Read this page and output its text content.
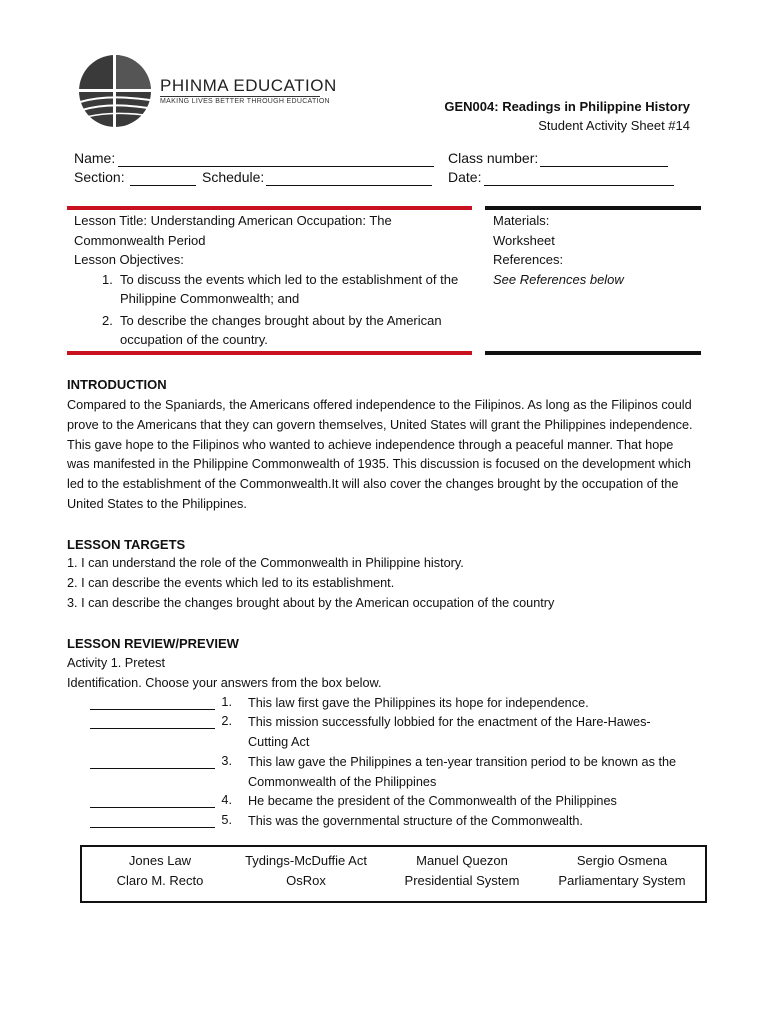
PHINMA EDUCATION
MAKING LIVES BETTER THROUGH EDUCATION	GEN004: Readings in Philippine History
Student Activity Sheet #14
Name:	Class number:
Section:	Schedule:	Date:
Lesson Title: Understanding American Occupation: The
Commonwealth Period
Lesson Objectives:
1. To discuss the events which led to the establishment of the
Philippine Commonwealth; and
2. To describe the changes brought about by the American
occupation of the country.
Materials:
Worksheet
References:
See References below
INTRODUCTION
Compared to the Spaniards, the Americans offered independence to the Filipinos. As long as the Filipinos could
prove to the Americans that they can govern themselves, United States will grant the Philippines independence.
This gave hope to the Filipinos who wanted to achieve independence through a peaceful manner. That hope
was manifested in the Philippine Commonwealth of 1935. This discussion is focused on the development which
led to the establishment of the Commonwealth.It will also cover the changes brought by the occupation of the
United States to the Philippines.
LESSON TARGETS
1. I can understand the role of the Commonwealth in Philippine history.
2. I can describe the events which led to its establishment.
3. I can describe the changes brought about by the American occupation of the country
LESSON REVIEW/PREVIEW
Activity 1. Pretest
Identification. Choose your answers from the box below.
1. This law first gave the Philippines its hope for independence.
2. This mission successfully lobbied for the enactment of the Hare-Hawes-
Cutting Act
3. This law gave the Philippines a ten-year transition period to be known as the
Commonwealth of the Philippines
4. He became the president of the Commonwealth of the Philippines
5. This was the governmental structure of the Commonwealth.
Jones Law	Tydings-McDuffie Act	Manuel Quezon	Sergio Osmena
Claro M. Recto	OsRox	Presidential System	Parliamentary System
